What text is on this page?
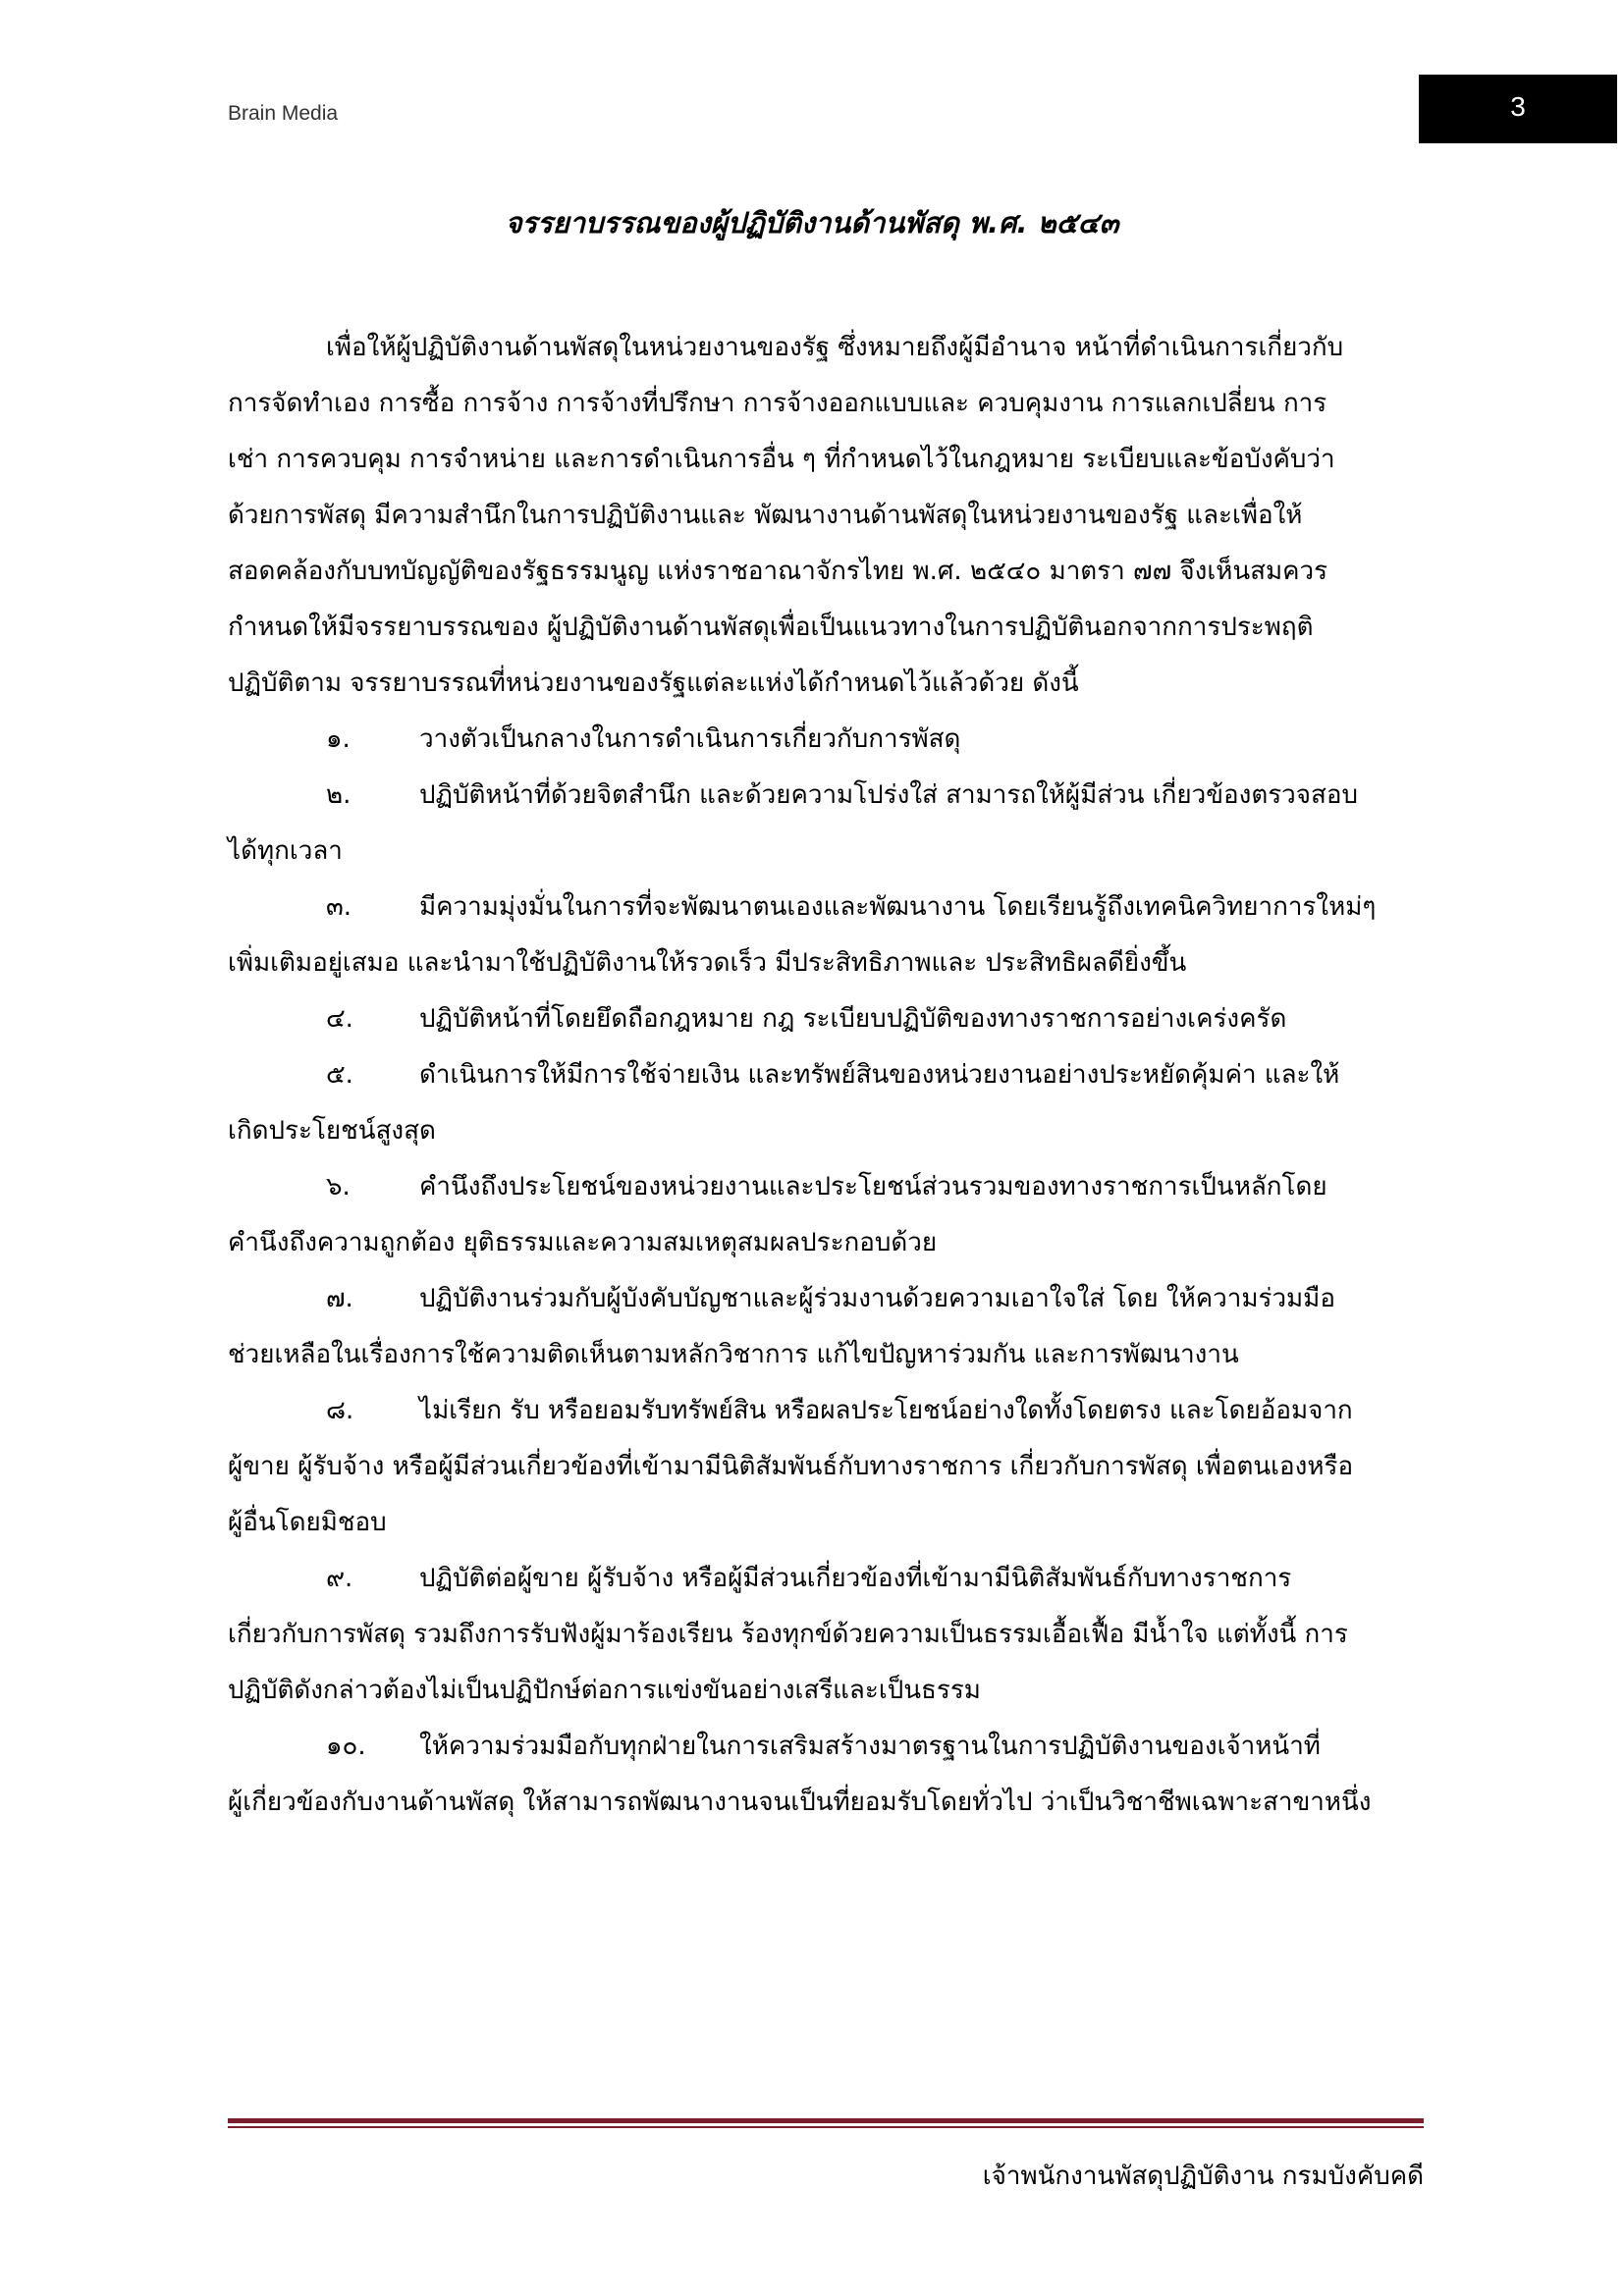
Brain Media	3
จรรยาบรรณของผู้ปฏิบัติงานด้านพัสดุ พ.ศ. ๒๕๔๓
เพื่อให้ผู้ปฏิบัติงานด้านพัสดุในหน่วยงานของรัฐ ซึ่งหมายถึงผู้มีอำนาจ หน้าที่ดำเนินการเกี่ยวกับ
การจัดทำเอง การซื้อ การจ้าง การจ้างที่ปรึกษา การจ้างออกแบบและ ควบคุมงาน การแลกเปลี่ยน การ
เช่า การควบคุม การจำหน่าย และการดำเนินการอื่น ๆ ที่กำหนดไว้ในกฎหมาย ระเบียบและข้อบังคับว่า
ด้วยการพัสดุ มีความสำนึกในการปฏิบัติงานและ พัฒนางานด้านพัสดุในหน่วยงานของรัฐ และเพื่อให้
สอดคล้องกับบทบัญญัติของรัฐธรรมนูญ แห่งราชอาณาจักรไทย พ.ศ. ๒๕๔๐ มาตรา ๗๗ จึงเห็นสมควร
กำหนดให้มีจรรยาบรรณของ ผู้ปฏิบัติงานด้านพัสดุเพื่อเป็นแนวทางในการปฏิบัตินอกจากการประพฤติ
ปฏิบัติตาม จรรยาบรรณที่หน่วยงานของรัฐแต่ละแห่งได้กำหนดไว้แล้วด้วย ดังนี้
๑.	วางตัวเป็นกลางในการดำเนินการเกี่ยวกับการพัสดุ
๒.	ปฏิบัติหน้าที่ด้วยจิตสำนึก และด้วยความโปร่งใส่ สามารถให้ผู้มีส่วน เกี่ยวข้องตรวจสอบ
ได้ทุกเวลา
๓.	มีความมุ่งมั่นในการที่จะพัฒนาตนเองและพัฒนางาน โดยเรียนรู้ถึงเทคนิควิทยาการใหม่ๆ
เพิ่มเติมอยู่เสมอ และนำมาใช้ปฏิบัติงานให้รวดเร็ว มีประสิทธิภาพและ ประสิทธิผลดียิ่งขึ้น
๔.	ปฏิบัติหน้าที่โดยยึดถือกฎหมาย กฎ ระเบียบปฏิบัติของทางราชการอย่างเคร่งครัด
๕.	ดำเนินการให้มีการใช้จ่ายเงิน และทรัพย์สินของหน่วยงานอย่างประหยัดคุ้มค่า และให้
เกิดประโยชน์สูงสุด
๖.	คำนึงถึงประโยชน์ของหน่วยงานและประโยชน์ส่วนรวมของทางราชการเป็นหลักโดย
คำนึงถึงความถูกต้อง ยุติธรรมและความสมเหตุสมผลประกอบด้วย
๗.	ปฏิบัติงานร่วมกับผู้บังคับบัญชาและผู้ร่วมงานด้วยความเอาใจใส่ โดย ให้ความร่วมมือ
ช่วยเหลือในเรื่องการใช้ความติดเห็นตามหลักวิชาการ แก้ไขปัญหาร่วมกัน และการพัฒนางาน
๘.	ไม่เรียก รับ หรือยอมรับทรัพย์สิน หรือผลประโยชน์อย่างใดทั้งโดยตรง และโดยอ้อมจาก
ผู้ขาย ผู้รับจ้าง หรือผู้มีส่วนเกี่ยวข้องที่เข้ามามีนิติสัมพันธ์กับทางราชการ เกี่ยวกับการพัสดุ เพื่อตนเองหรือ
ผู้อื่นโดยมิชอบ
๙.	ปฏิบัติต่อผู้ขาย ผู้รับจ้าง หรือผู้มีส่วนเกี่ยวข้องที่เข้ามามีนิติสัมพันธ์กับทางราชการ
เกี่ยวกับการพัสดุ รวมถึงการรับฟังผู้มาร้องเรียน ร้องทุกข์ด้วยความเป็นธรรมเอื้อเฟื้อ มีน้ำใจ แต่ทั้งนี้ การ
ปฏิบัติดังกล่าวต้องไม่เป็นปฏิปักษ์ต่อการแข่งขันอย่างเสรีและเป็นธรรม
๑๐.	ให้ความร่วมมือกับทุกฝ่ายในการเสริมสร้างมาตรฐานในการปฏิบัติงานของเจ้าหน้าที่
ผู้เกี่ยวข้องกับงานด้านพัสดุ ให้สามารถพัฒนางานจนเป็นที่ยอมรับโดยทั่วไป ว่าเป็นวิชาชีพเฉพาะสาขาหนึ่ง
เจ้าพนักงานพัสดุปฏิบัติงาน กรมบังคับคดี
